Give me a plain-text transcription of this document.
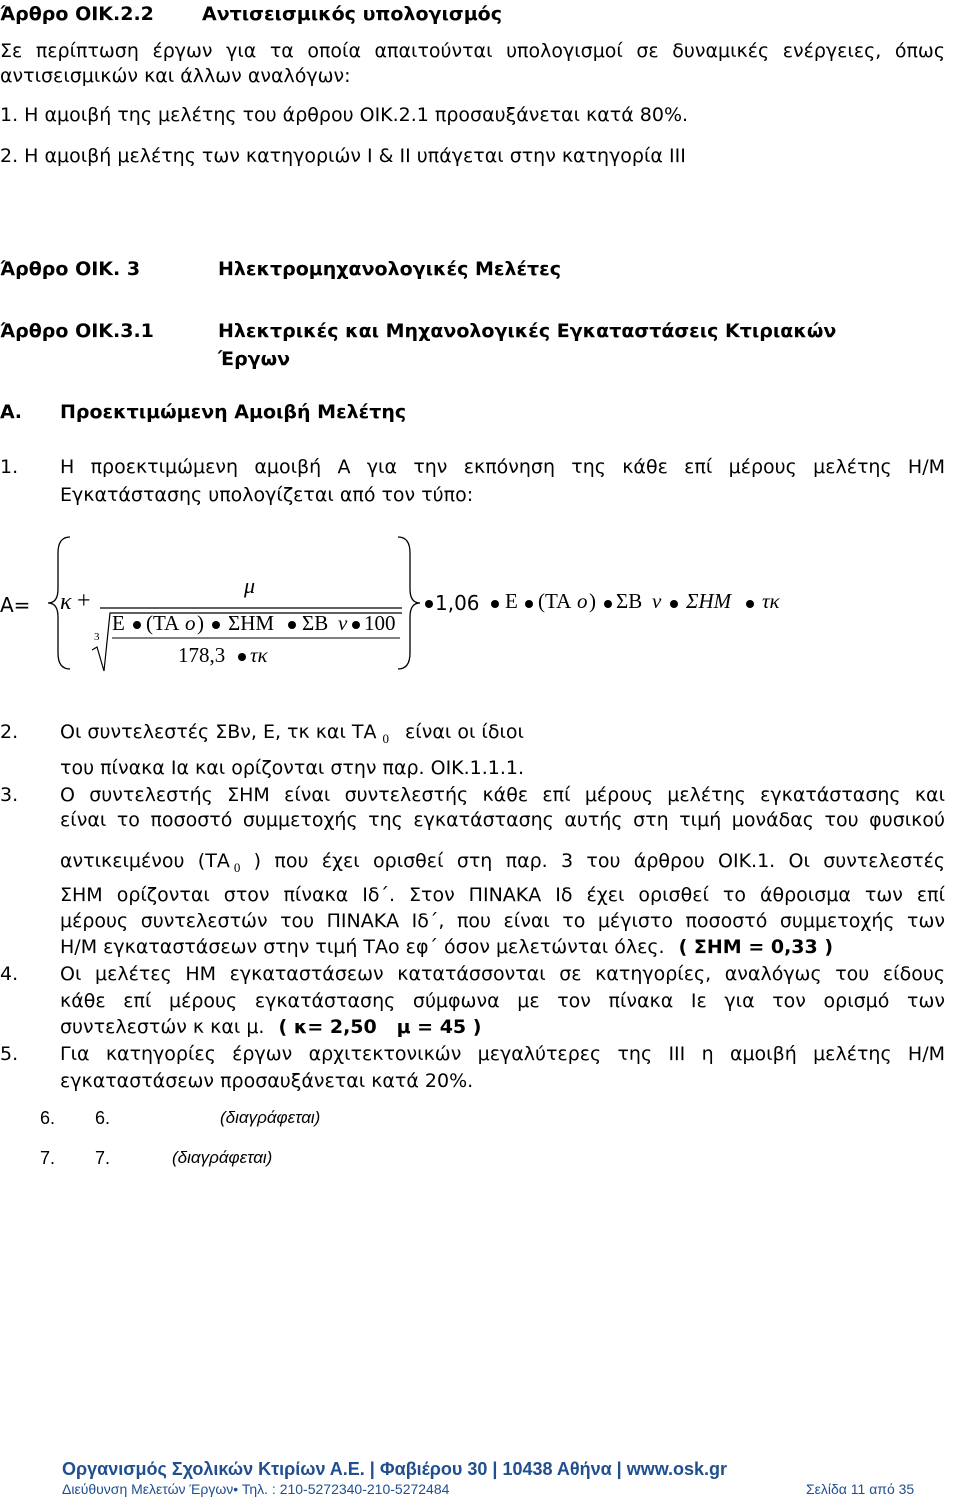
Άρθρο ΟΙΚ.2.2	Αντισεισμικός υπολογισμός
Σε περίπτωση έργων για τα οποία απαιτούνται υπολογισμοί σε δυναμικές ενέργειες, όπως
αντισεισμικών και άλλων αναλόγων:
1. Η αμοιβή της μελέτης του άρθρου ΟΙΚ.2.1 προσαυξάνεται κατά 80%.
2. Η αμοιβή μελέτης των κατηγοριών Ι & ΙΙ υπάγεται στην κατηγορία ΙΙΙ
Άρθρο ΟΙΚ. 3	Ηλεκτρομηχανολογικές Μελέτες
Άρθρο ΟΙΚ.3.1	Ηλεκτρικές και Μηχανολογικές Εγκαταστάσεις Κτιριακών
Έργων
Α. Προεκτιμώμενη Αμοιβή Μελέτης
1. Η προεκτιμώμενη αμοιβή Α για την εκπόνηση της κάθε επί μέρους μελέτης Η/Μ
Εγκατάστασης υπολογίζεται από τον τύπο:
Α= κ +
μ
Ε (ΤΑ ο ) ΣΗΜ ΣΒ ν 100
3
178,3 τκ
1,06 Ε (ΤΑ ο ) ΣΒ ν ΣΗΜ τκ
2. Οι συντελεστές ΣΒν, Ε, τκ και ΤΑ $_0$ είναι οι ίδιοι
του πίνακα Ια και ορίζονται στην παρ. ΟΙΚ.1.1.1.
3. Ο συντελεστής ΣΗΜ είναι συντελεστής κάθε επί μέρους μελέτης εγκατάστασης και
είναι το ποσοστό συμμετοχής της εγκατάστασης αυτής στη τιμή μονάδας του φυσικού
αντικειμένου (ΤΑ $_0$ ) που έχει ορισθεί στη παρ. 3 του άρθρου ΟΙΚ.1. Οι συντελεστές
ΣΗΜ ορίζονται στον πίνακα Ιδ΄. Στον ΠΙΝΑΚΑ Ιδ έχει ορισθεί το άθροισμα των επί
μέρους συντελεστών του ΠΙΝΑΚΑ Ιδ΄, που είναι το μέγιστο ποσοστό συμμετοχής των
Η/Μ εγκαταστάσεων στην τιμή ΤΑο εφ΄ όσον μελετώνται όλες. ( ΣΗΜ = 0,33 )
4. Οι μελέτες ΗΜ εγκαταστάσεων κατατάσσονται σε κατηγορίες, αναλόγως του είδους
κάθε επί μέρους εγκατάστασης σύμφωνα με τον πίνακα Ιε για τον ορισμό των
συντελεστών κ και μ. ( κ= 2,50   μ = 45 )
5. Για κατηγορίες έργων αρχιτεκτονικών μεγαλύτερες της ΙΙΙ η αμοιβή μελέτης Η/Μ
εγκαταστάσεων προσαυξάνεται κατά 20%.
6. 6.	(διαγράφεται)
7. 7.	(διαγράφεται)
Οργανισμός Σχολικών Κτιρίων Α.Ε. | Φαβιέρου 30 | 10438 Αθήνα | www.osk.gr
Διεύθυνση Μελετών Έργων• Τηλ. : 210-5272340-210-5272484	Σελίδα 11 από 35
